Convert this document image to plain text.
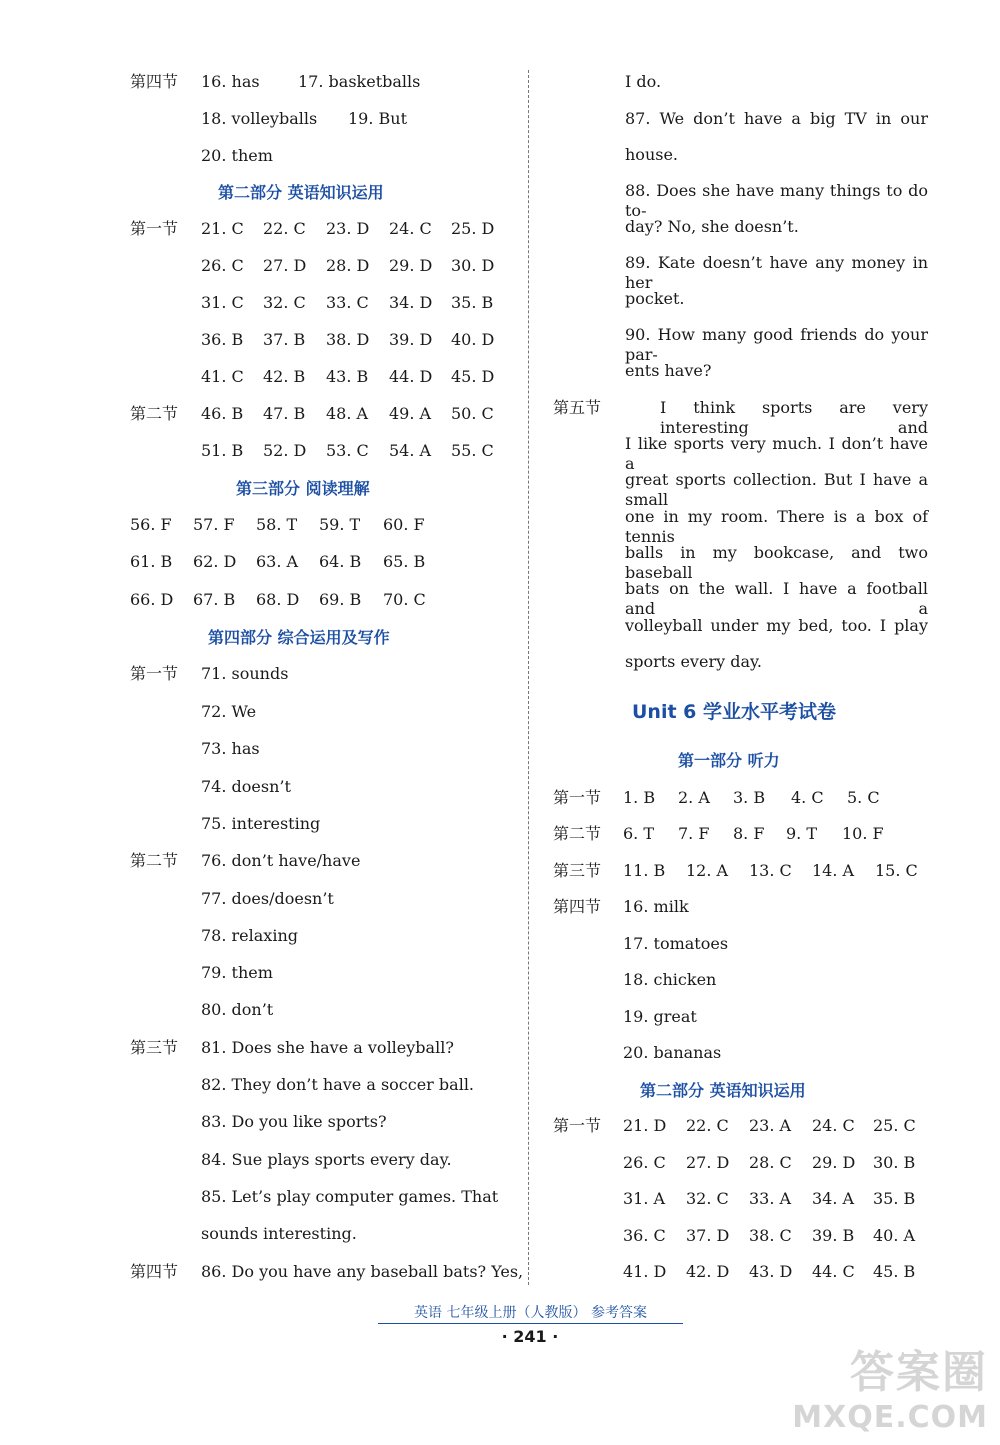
第四节 16. has 17. basketballs
18. volleyballs 19. But
20. them
第二部分 英语知识运用
第一节 21. C 22. C 23. D 24. C 25. D
26. C 27. D 28. D 29. D 30. D
31. C 32. C 33. C 34. D 35. B
36. B 37. B 38. D 39. D 40. D
41. C 42. B 43. B 44. D 45. D
第二节 46. B 47. B 48. A 49. A 50. C
51. B 52. D 53. C 54. A 55. C
第三部分 阅读理解
56. F 57. F 58. T 59. T 60. F
61. B 62. D 63. A 64. B 65. B
66. D 67. B 68. D 69. B 70. C
第四部分 综合运用及写作
第一节 71. sounds
72. We
73. has
74. doesn’t
75. interesting
第二节 76. don’t have/have
77. does/doesn’t
78. relaxing
79. them
80. don’t
第三节 81. Does she have a volleyball?
82. They don’t have a soccer ball.
83. Do you like sports?
84. Sue plays sports every day.
85. Let’s play computer games. That
sounds interesting.
第四节 86. Do you have any baseball bats? Yes,
I do.
87. We don’t have a big TV in our
house.
88. Does she have many things to do to-
day? No, she doesn’t.
89. Kate doesn’t have any money in her
pocket.
90. How many good friends do your par-
ents have?
第五节	I think sports are very interesting and
I like sports very much. I don’t have a
great sports collection. But I have a small
one in my room. There is a box of tennis
balls in my bookcase, and two baseball
bats on the wall. I have a football and a
volleyball under my bed, too. I play
sports every day.
Unit 6 学业水平考试卷
第一部分 听力
第一节 1. B 2. A 3. B 4. C 5. C
第二节 6. T 7. F 8. F 9. T 10. F
第三节 11. B 12. A 13. C 14. A 15. C
第四节 16. milk
17. tomatoes
18. chicken
19. great
20. bananas
第二部分 英语知识运用
第一节 21. D 22. C 23. A 24. C 25. C
26. C 27. D 28. C 29. D 30. B
31. A 32. C 33. A 34. A 35. B
36. C 37. D 38. C 39. B 40. A
41. D 42. D 43. D 44. C 45. B
英语 七年级上册（人教版） 参考答案
· 241 ·
答案圈
MXQE.COM
